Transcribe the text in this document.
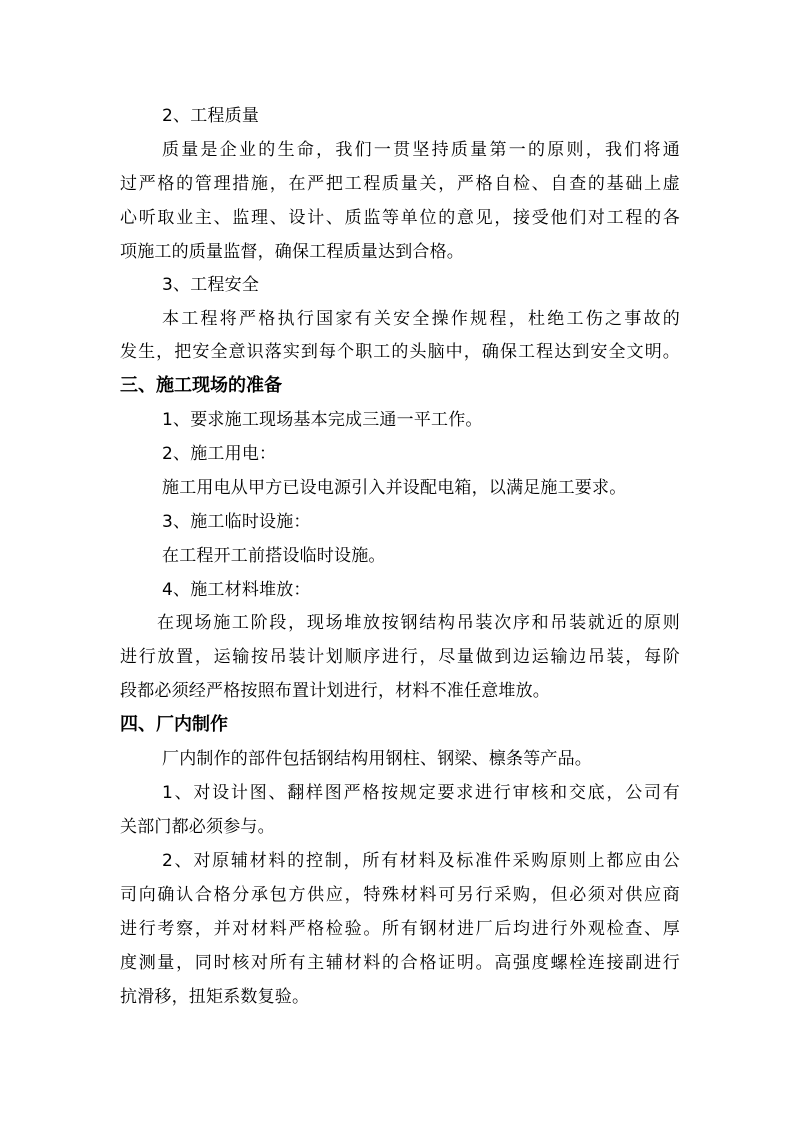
2、工程质量
质量是企业的生命，我们一贯坚持质量第一的原则，我们将通
过严格的管理措施，在严把工程质量关，严格自检、自查的基础上虚
心听取业主、监理、设计、质监等单位的意见，接受他们对工程的各
项施工的质量监督，确保工程质量达到合格。
3、工程安全
本工程将严格执行国家有关安全操作规程，杜绝工伤之事故的
发生，把安全意识落实到每个职工的头脑中，确保工程达到安全文明。
三、施工现场的准备
1、要求施工现场基本完成三通一平工作。
2、施工用电：
施工用电从甲方已设电源引入并设配电箱，以满足施工要求。
3、施工临时设施：
在工程开工前搭设临时设施。
4、施工材料堆放：
在现场施工阶段，现场堆放按钢结构吊装次序和吊装就近的原则
进行放置，运输按吊装计划顺序进行，尽量做到边运输边吊装，每阶
段都必须经严格按照布置计划进行，材料不准任意堆放。
四、厂内制作
厂内制作的部件包括钢结构用钢柱、钢梁、檩条等产品。
1、对设计图、翻样图严格按规定要求进行审核和交底，公司有
关部门都必须参与。
2、对原辅材料的控制，所有材料及标准件采购原则上都应由公
司向确认合格分承包方供应，特殊材料可另行采购，但必须对供应商
进行考察，并对材料严格检验。所有钢材进厂后均进行外观检查、厚
度测量，同时核对所有主辅材料的合格证明。高强度螺栓连接副进行
抗滑移，扭矩系数复验。
